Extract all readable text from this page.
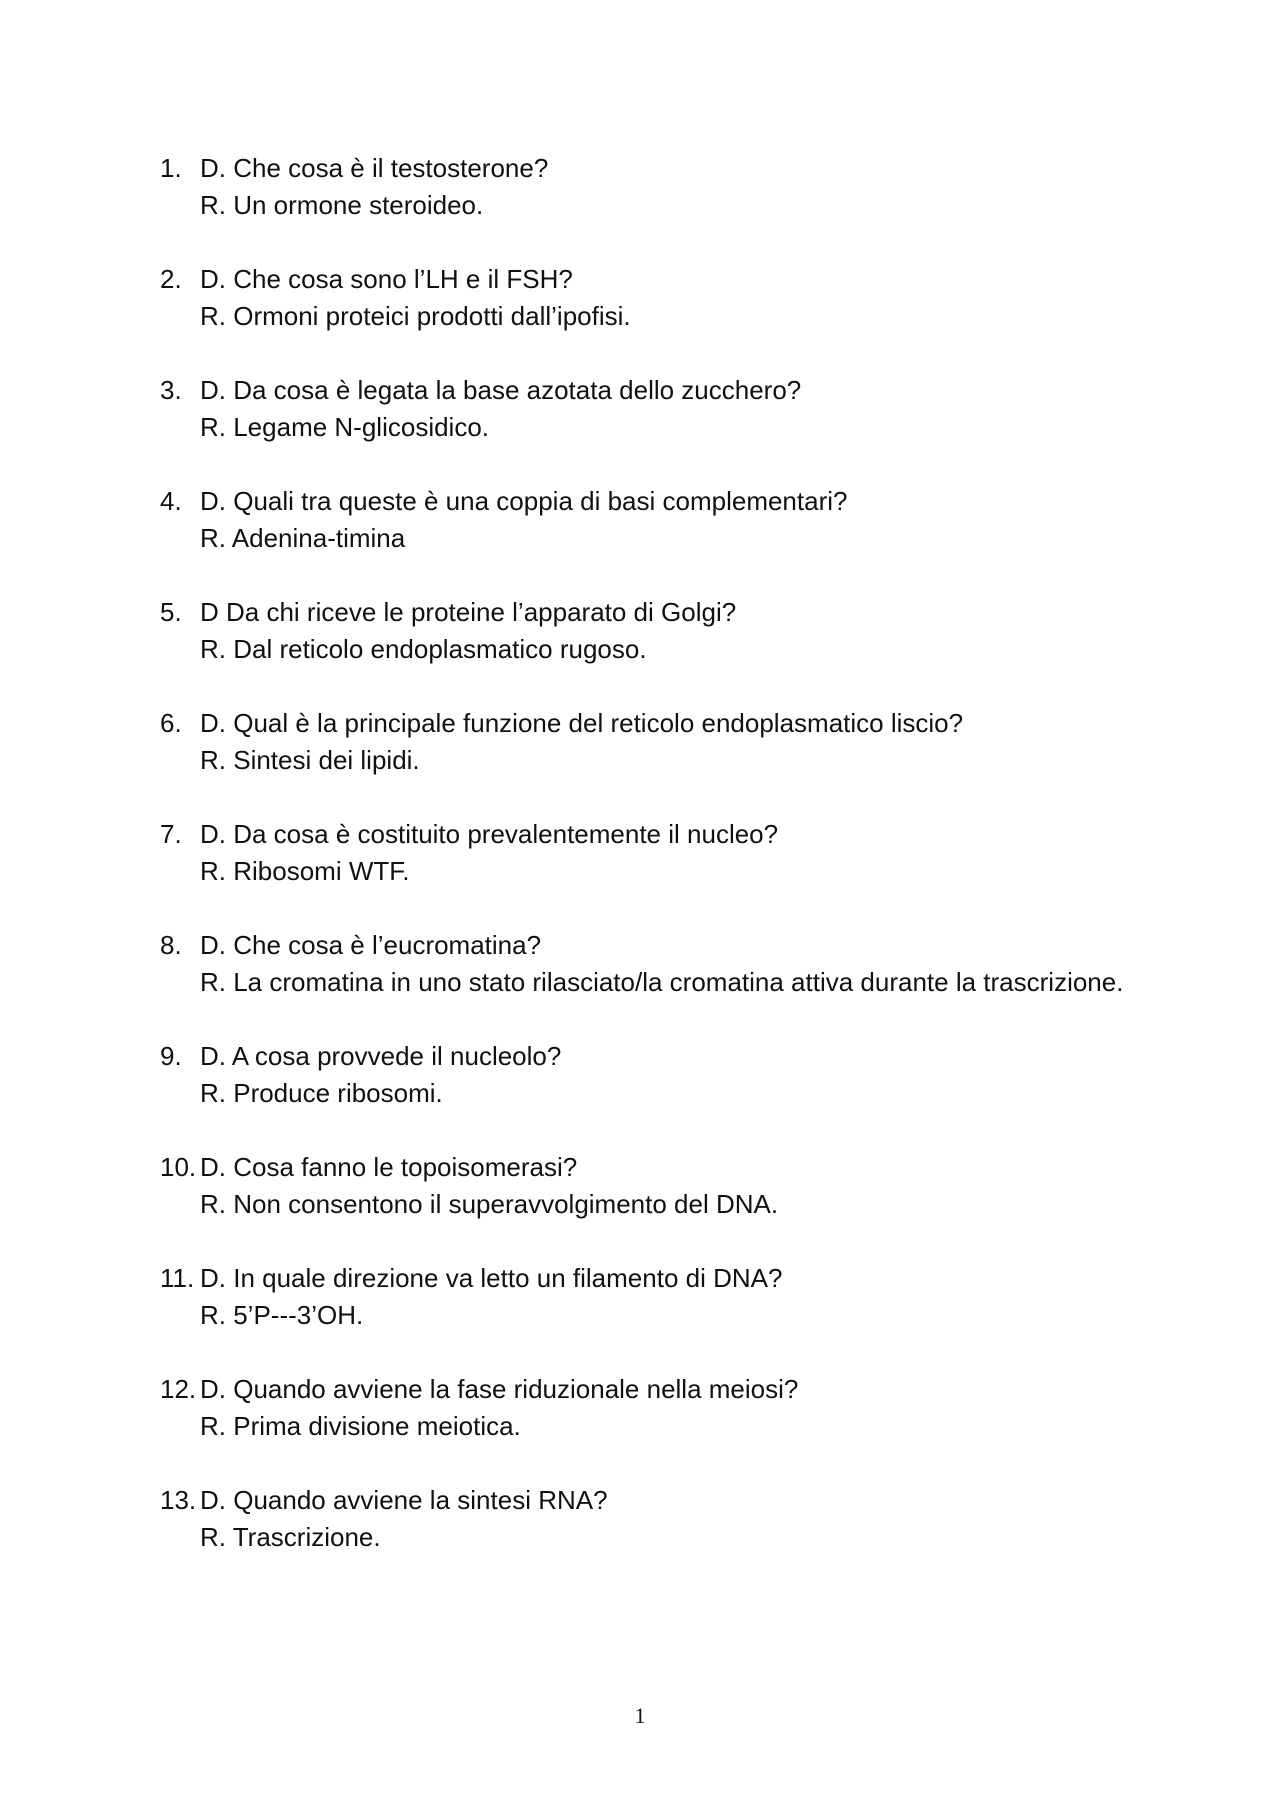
1. D. Che cosa è il testosterone?
R. Un ormone steroideo.
2. D. Che cosa sono l’LH e il FSH?
R. Ormoni proteici prodotti dall’ipofisi.
3. D. Da cosa è legata la base azotata dello zucchero?
R. Legame N-glicosidico.
4. D. Quali tra queste è una coppia di basi complementari?
R. Adenina-timina
5. D Da chi riceve le proteine l’apparato di Golgi?
R. Dal reticolo endoplasmatico rugoso.
6. D. Qual è la principale funzione del reticolo endoplasmatico liscio?
R. Sintesi dei lipidi.
7. D. Da cosa è costituito prevalentemente il nucleo?
R. Ribosomi WTF.
8. D. Che cosa è l’eucromatina?
R. La cromatina in uno stato rilasciato/la cromatina attiva durante la trascrizione.
9. D. A cosa provvede il nucleolo?
R. Produce ribosomi.
10. D. Cosa fanno le topoisomerasi?
R. Non consentono il superavvolgimento del DNA.
11. D. In quale direzione va letto un filamento di DNA?
R. 5’P---3’OH.
12. D. Quando avviene la fase riduzionale nella meiosi?
R. Prima divisione meiotica.
13. D. Quando avviene la sintesi RNA?
R. Trascrizione.
1
